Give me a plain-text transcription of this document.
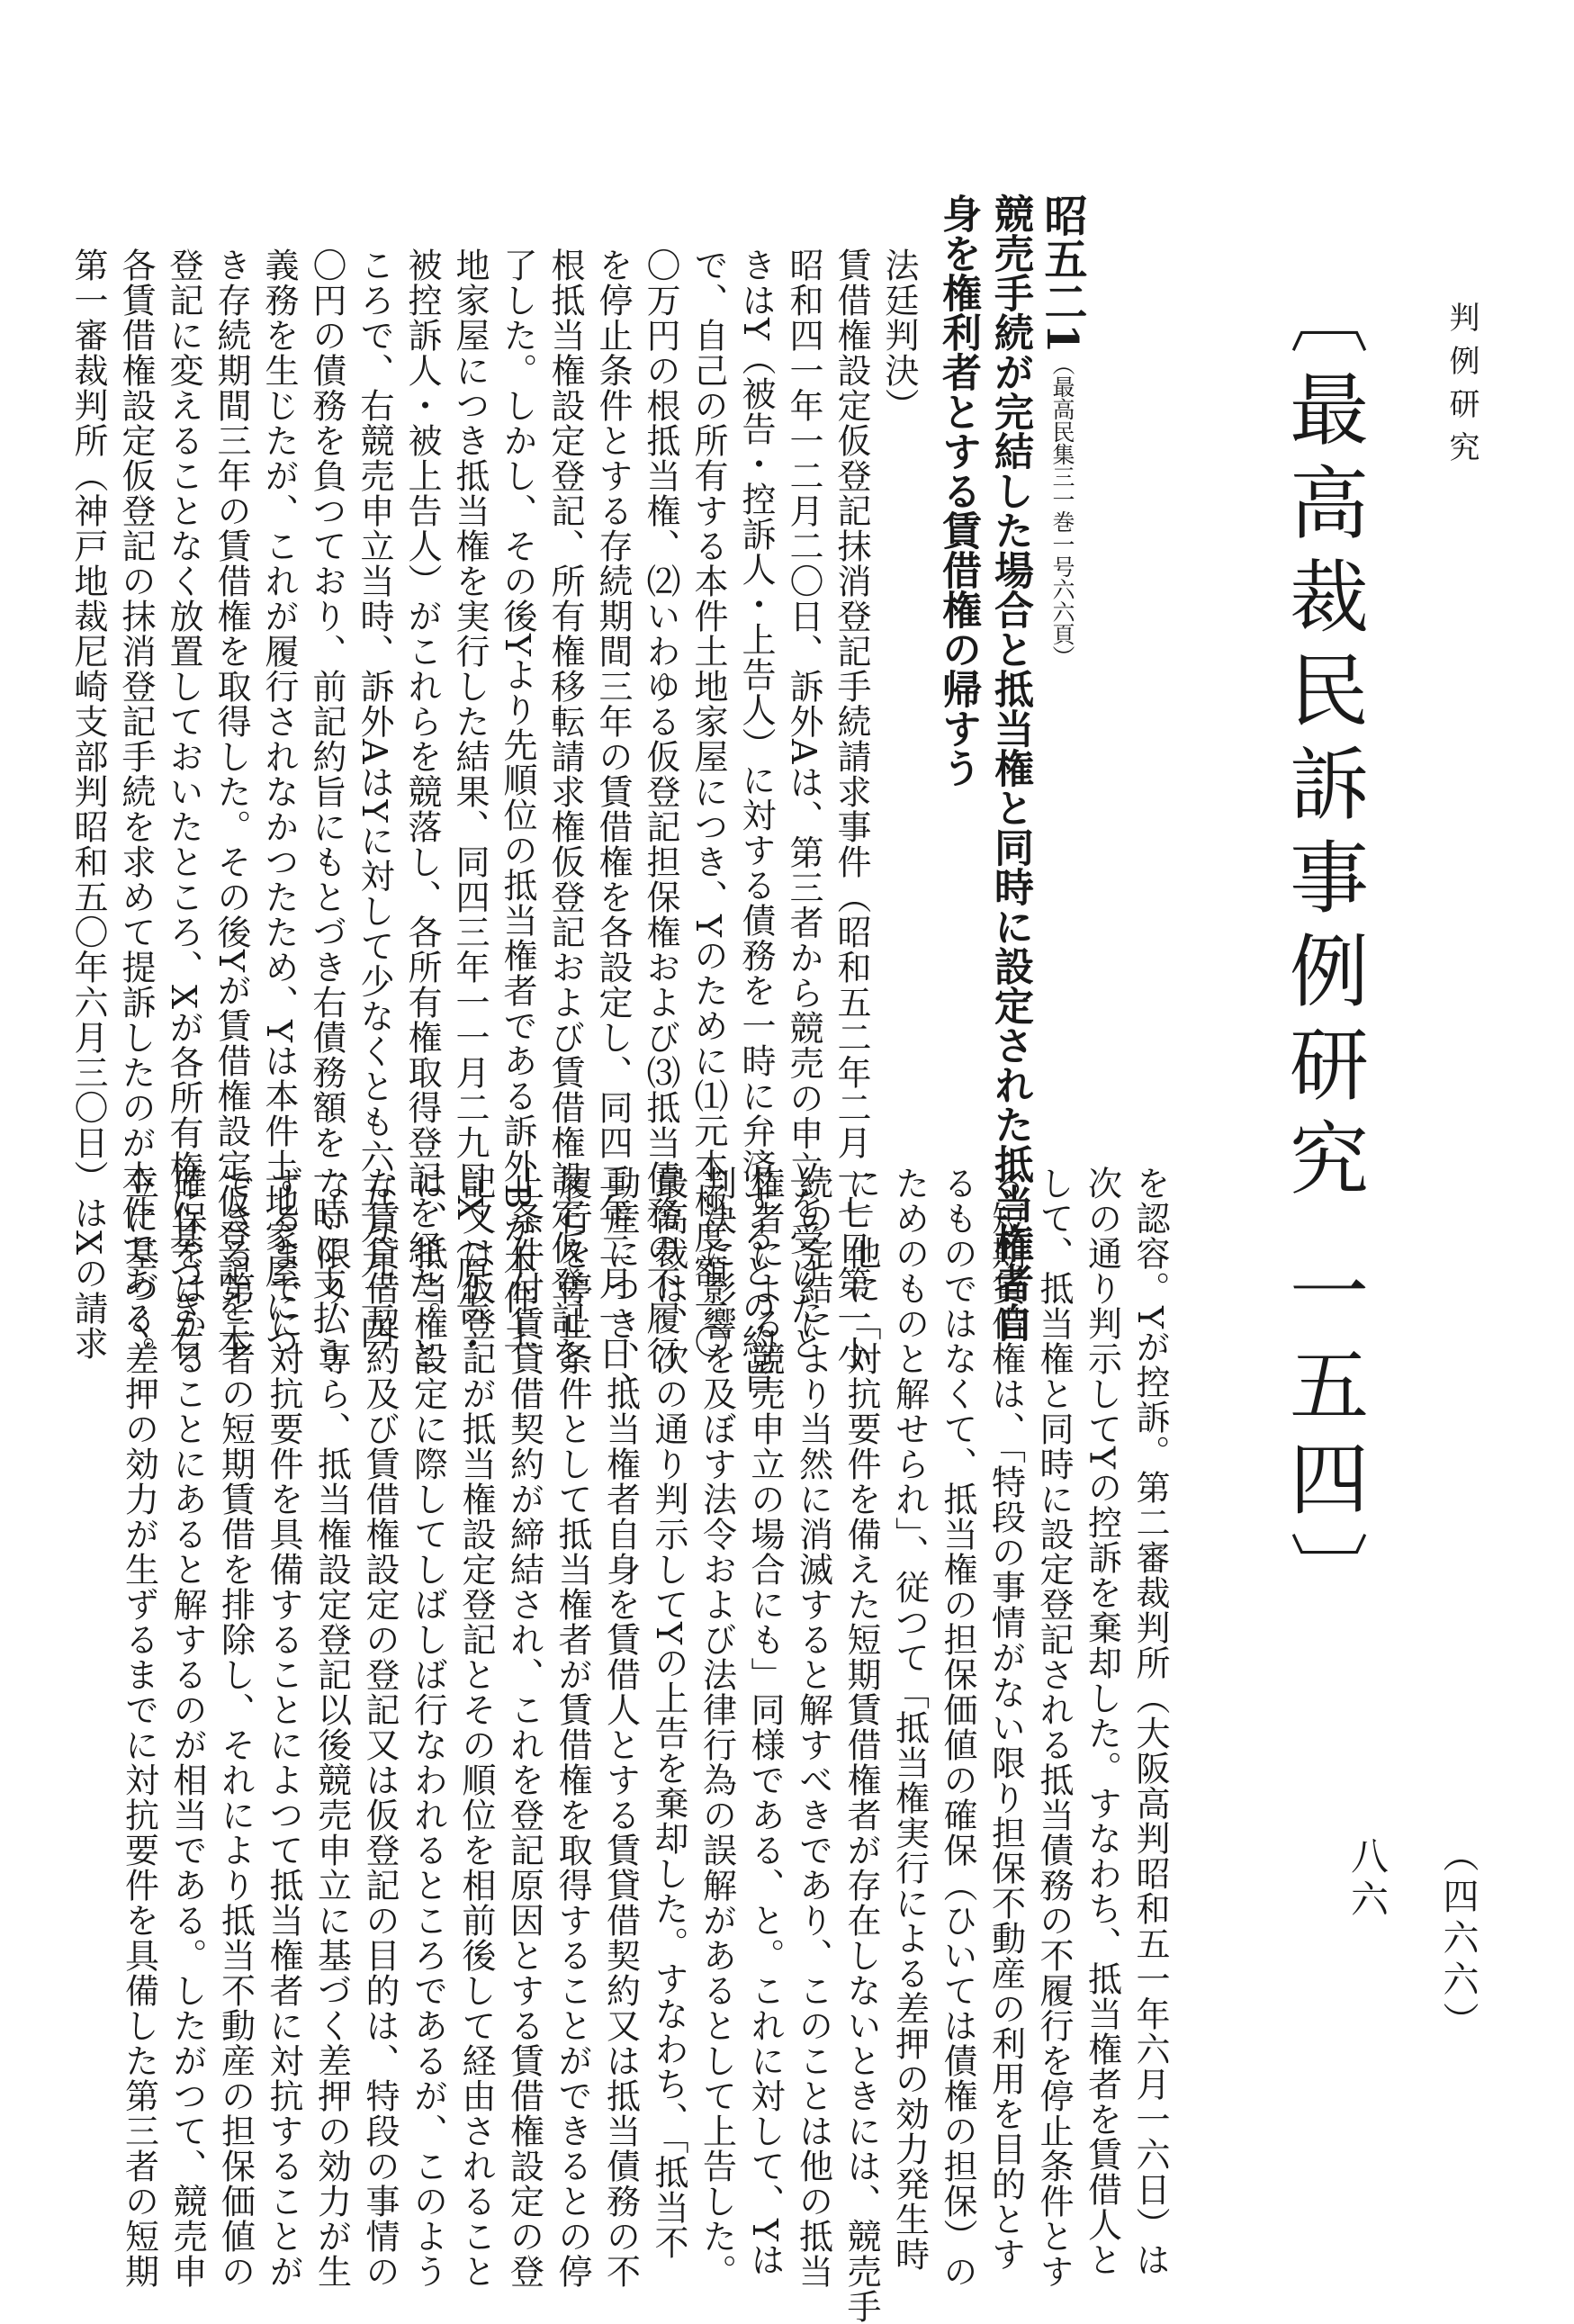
判例研究
〔最高裁民訴事例研究 一五四〕

昭五二1（最高民集三一巻一号六六頁）

競売手続が完結した場合と抵当権と同時に設定された抵当権者自

身を権利者とする賃借権の帰すう

法廷判決）

賃借権設定仮登記抹消登記手続請求事件（昭和五二年二月一七日第一小

昭和四一年一二月二〇日、訴外Aは、第三者から競売の申立を受けたと

きはY（被告・控訴人・上告人）に対する債務を一時に弁済するとの約旨

で、自己の所有する本件土地家屋につき、Yのために⑴元本極度額一〇

〇万円の根抵当権、⑵いわゆる仮登記担保権および⑶抵当債務の不履行

を停止条件とする存続期間三年の賃借権を各設定し、同四二年二月一日、

根抵当権設定登記、所有権移転請求権仮登記および賃借権設定仮登記を

了した。しかし、その後Yより先順位の抵当権者である訴外Bが本件土

地家屋につき抵当権を実行した結果、同四三年一一月二九日X（原告・

被控訴人・被上告人）がこれらを競落し、各所有権取得登記を経た。と

ころで、右競売申立当時、訴外AはYに対して少なくとも六五万九二四

〇円の債務を負つており、前記約旨にもとづき右債務額を一時に支払う

義務を生じたが、これが履行されなかつたため、Yは本件土地家屋につ

き存続期間三年の賃借権を取得した。その後Yが賃借権設定仮登記を本

登記に変えることなく放置しておいたところ、Xが各所有権に基づき右

各賃借権設定仮登記の抹消登記手続を求めて提訴したのが本件である。

第一審裁判所（神戸地裁尼崎支部判昭和五〇年六月三〇日）はXの請求

を認容。Yが控訴。第二審裁判所（大阪高判昭和五一年六月一六日）は

次の通り判示してYの控訴を棄却した。すなわち、抵当権者を賃借人と

して、抵当権と同時に設定登記される抵当債務の不履行を停止条件とす

る短期賃借権は、「特段の事情がない限り担保不動産の利用を目的とす

るものではなくて、抵当権の担保価値の確保（ひいては債権の担保）の

ためのものと解せられ」、従つて「抵当権実行による差押の効力発生時

に」他に「対抗要件を備えた短期賃借権者が存在しないときには、競売手

続の完結により当然に消滅すると解すべきであり、このことは他の抵当

権者による競売申立の場合にも」同様である、と。これに対して、Yは

判決に影響を及ぼす法令および法律行為の誤解があるとして上告した。

最高裁は、次の通り判示してYの上告を棄却した。すなわち、「抵当不

動産につき、抵当権者自身を賃借人とする賃貸借契約又は抵当債務の不

履行を停止条件として抵当権者が賃借権を取得することができるとの停

止条件付賃貸借契約が締結され、これを登記原因とする賃借権設定の登

記又は仮登記が抵当権設定登記とその順位を相前後して経由されること

は、抵当権設定に際してしばしば行なわれるところであるが、このよう

な賃貸借契約及び賃借権設定の登記又は仮登記の目的は、特段の事情の

ない限り、専ら、抵当権設定登記以後競売申立に基づく差押の効力が生

ずるまでに対抗要件を具備することによつて抵当権者に対抗することが

できる第三者の短期賃借を排除し、それにより抵当不動産の担保価値の

確保をはかることにあると解するのが相当である。したがつて、競売申

立に基づく差押の効力が生ずるまでに対抗要件を具備した第三者の短期	八六 （四六六）
